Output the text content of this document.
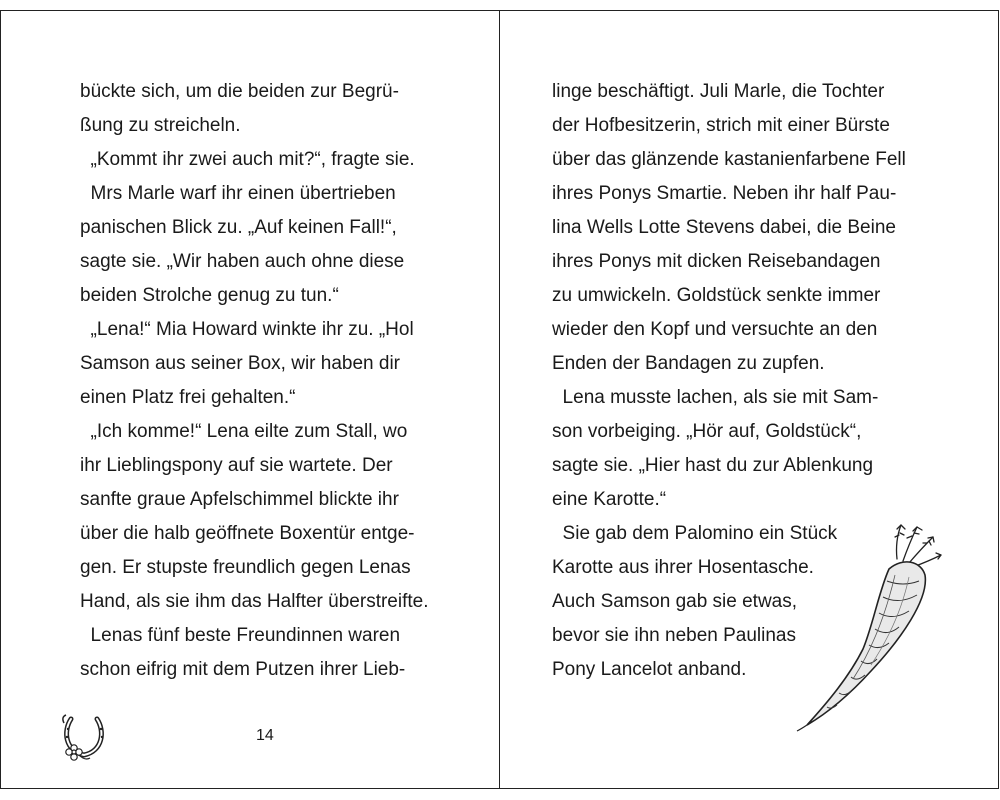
bückte sich, um die beiden zur Begrü-
ßung zu streicheln.
„Kommt ihr zwei auch mit?“, fragte sie.
Mrs Marle warf ihr einen übertrieben
panischen Blick zu. „Auf keinen Fall!“,
sagte sie. „Wir haben auch ohne diese
beiden Strolche genug zu tun.“
„Lena!“ Mia Howard winkte ihr zu. „Hol
Samson aus seiner Box, wir haben dir
einen Platz frei gehalten.“
„Ich komme!“ Lena eilte zum Stall, wo
ihr Lieblingspony auf sie wartete. Der
sanfte graue Apfelschimmel blickte ihr
über die halb geöffnete Boxentür entge-
gen. Er stupste freundlich gegen Lenas
Hand, als sie ihm das Halfter überstreifte.
Lenas fünf beste Freundinnen waren
schon eifrig mit dem Putzen ihrer Lieb-
14
linge beschäftigt. Juli Marle, die Tochter
der Hofbesitzerin, strich mit einer Bürste
über das glänzende kastanienfarbene Fell
ihres Ponys Smartie. Neben ihr half Pau-
lina Wells Lotte Stevens dabei, die Beine
ihres Ponys mit dicken Reisebandagen
zu umwickeln. Goldstück senkte immer
wieder den Kopf und versuchte an den
Enden der Bandagen zu zupfen.
Lena musste lachen, als sie mit Sam-
son vorbeiging. „Hör auf, Goldstück“,
sagte sie. „Hier hast du zur Ablenkung
eine Karotte.“
Sie gab dem Palomino ein Stück
Karotte aus ihrer Hosentasche.
Auch Samson gab sie etwas,
bevor sie ihn neben Paulinas
Pony Lancelot anband.
